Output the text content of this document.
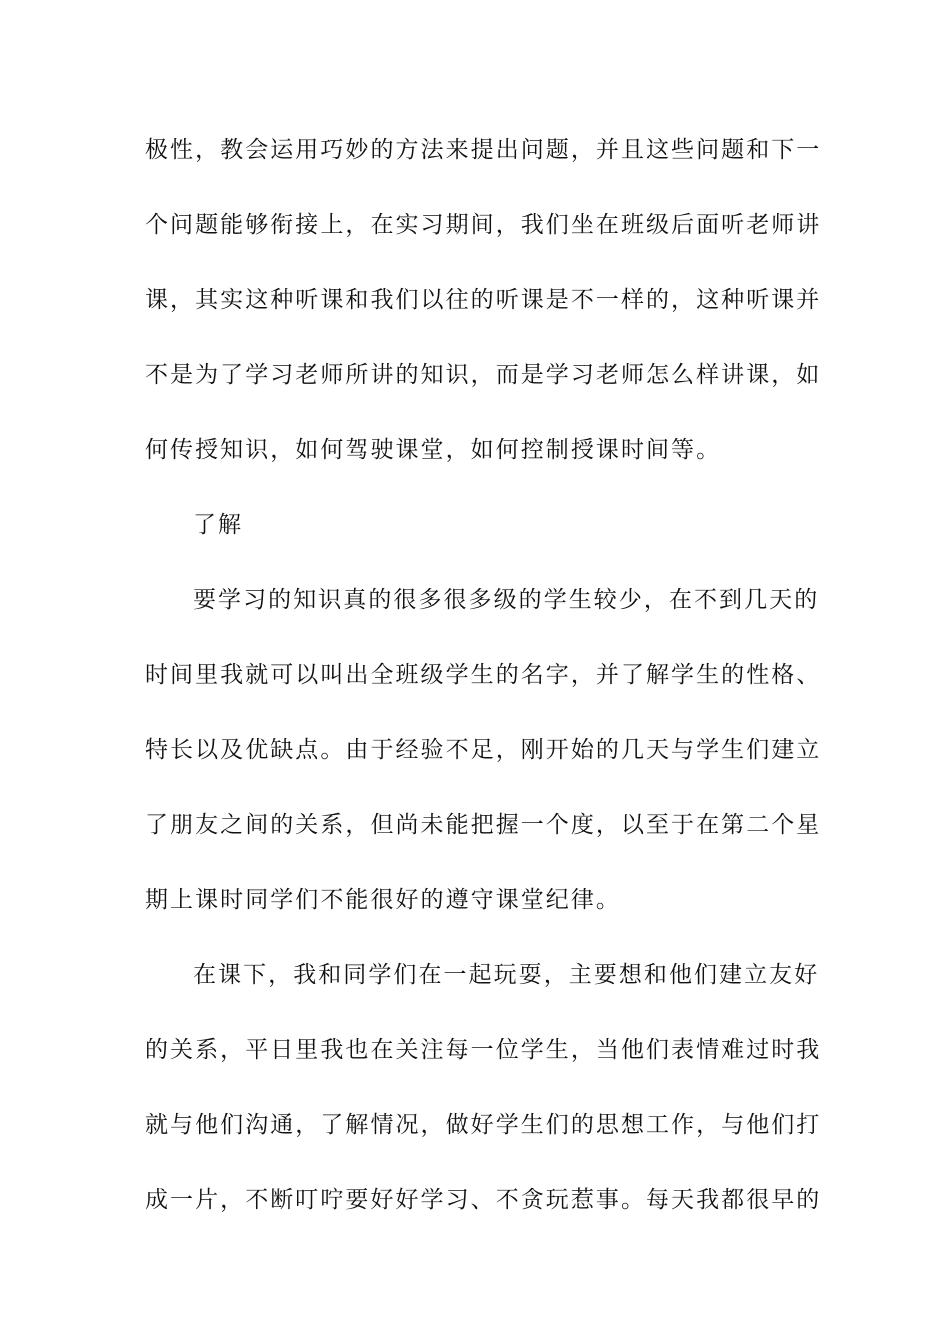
极性，教会运用巧妙的方法来提出问题，并且这些问题和下一
个问题能够衔接上，在实习期间，我们坐在班级后面听老师讲
课，其实这种听课和我们以往的听课是不一样的，这种听课并
不是为了学习老师所讲的知识，而是学习老师怎么样讲课，如
何传授知识，如何驾驶课堂，如何控制授课时间等。
了解
要学习的知识真的很多很多级的学生较少，在不到几天的
时间里我就可以叫出全班级学生的名字，并了解学生的性格、
特长以及优缺点。由于经验不足，刚开始的几天与学生们建立
了朋友之间的关系，但尚未能把握一个度，以至于在第二个星
期上课时同学们不能很好的遵守课堂纪律。
在课下，我和同学们在一起玩耍，主要想和他们建立友好
的关系，平日里我也在关注每一位学生，当他们表情难过时我
就与他们沟通，了解情况，做好学生们的思想工作，与他们打
成一片，不断叮咛要好好学习、不贪玩惹事。每天我都很早的
